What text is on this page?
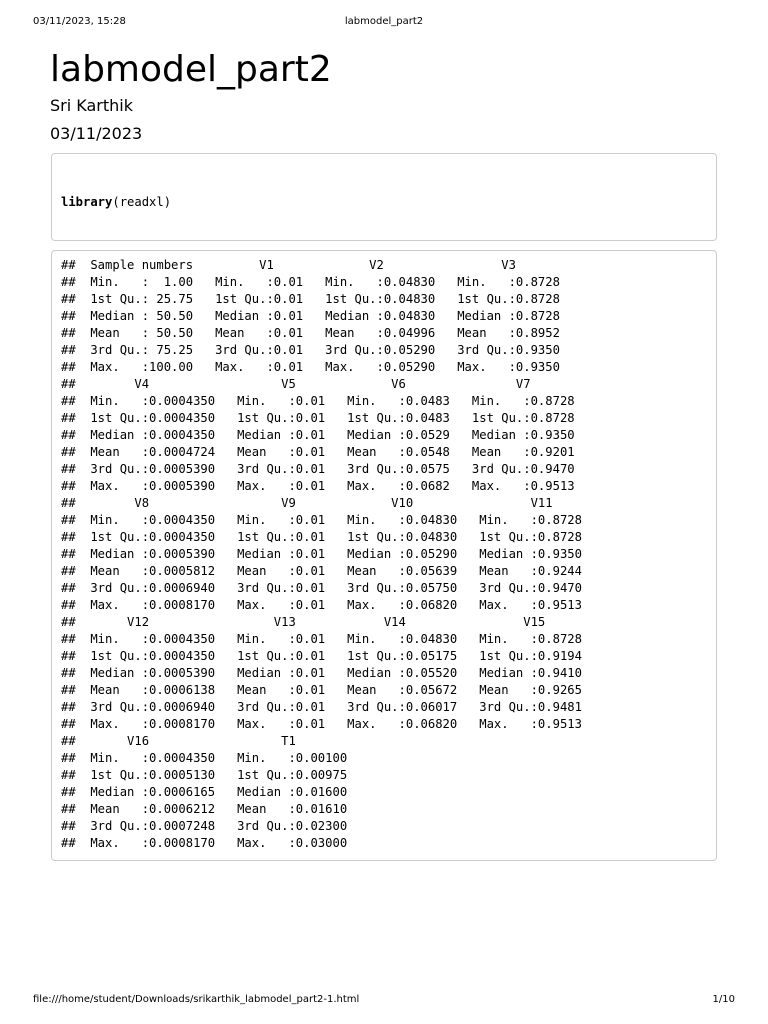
03/11/2023, 15:28	labmodel_part2
labmodel_part2
Sri Karthik
03/11/2023

library(readxl)

##  Sample numbers         V1             V2                V3
##  Min.   :  1.00   Min.   :0.01   Min.   :0.04830   Min.   :0.8728
##  1st Qu.: 25.75   1st Qu.:0.01   1st Qu.:0.04830   1st Qu.:0.8728
##  Median : 50.50   Median :0.01   Median :0.04830   Median :0.8728
##  Mean   : 50.50   Mean   :0.01   Mean   :0.04996   Mean   :0.8952
##  3rd Qu.: 75.25   3rd Qu.:0.01   3rd Qu.:0.05290   3rd Qu.:0.9350
##  Max.   :100.00   Max.   :0.01   Max.   :0.05290   Max.   :0.9350
##        V4                  V5             V6               V7
##  Min.   :0.0004350   Min.   :0.01   Min.   :0.0483   Min.   :0.8728
##  1st Qu.:0.0004350   1st Qu.:0.01   1st Qu.:0.0483   1st Qu.:0.8728
##  Median :0.0004350   Median :0.01   Median :0.0529   Median :0.9350
##  Mean   :0.0004724   Mean   :0.01   Mean   :0.0548   Mean   :0.9201
##  3rd Qu.:0.0005390   3rd Qu.:0.01   3rd Qu.:0.0575   3rd Qu.:0.9470
##  Max.   :0.0005390   Max.   :0.01   Max.   :0.0682   Max.   :0.9513
##        V8                  V9             V10                V11
##  Min.   :0.0004350   Min.   :0.01   Min.   :0.04830   Min.   :0.8728
##  1st Qu.:0.0004350   1st Qu.:0.01   1st Qu.:0.04830   1st Qu.:0.8728
##  Median :0.0005390   Median :0.01   Median :0.05290   Median :0.9350
##  Mean   :0.0005812   Mean   :0.01   Mean   :0.05639   Mean   :0.9244
##  3rd Qu.:0.0006940   3rd Qu.:0.01   3rd Qu.:0.05750   3rd Qu.:0.9470
##  Max.   :0.0008170   Max.   :0.01   Max.   :0.06820   Max.   :0.9513
##       V12                 V13            V14                V15
##  Min.   :0.0004350   Min.   :0.01   Min.   :0.04830   Min.   :0.8728
##  1st Qu.:0.0004350   1st Qu.:0.01   1st Qu.:0.05175   1st Qu.:0.9194
##  Median :0.0005390   Median :0.01   Median :0.05520   Median :0.9410
##  Mean   :0.0006138   Mean   :0.01   Mean   :0.05672   Mean   :0.9265
##  3rd Qu.:0.0006940   3rd Qu.:0.01   3rd Qu.:0.06017   3rd Qu.:0.9481
##  Max.   :0.0008170   Max.   :0.01   Max.   :0.06820   Max.   :0.9513
##       V16                  T1
##  Min.   :0.0004350   Min.   :0.00100
##  1st Qu.:0.0005130   1st Qu.:0.00975
##  Median :0.0006165   Median :0.01600
##  Mean   :0.0006212   Mean   :0.01610
##  3rd Qu.:0.0007248   3rd Qu.:0.02300
##  Max.   :0.0008170   Max.   :0.03000
file:///home/student/Downloads/srikarthik_labmodel_part2-1.html	1/10
